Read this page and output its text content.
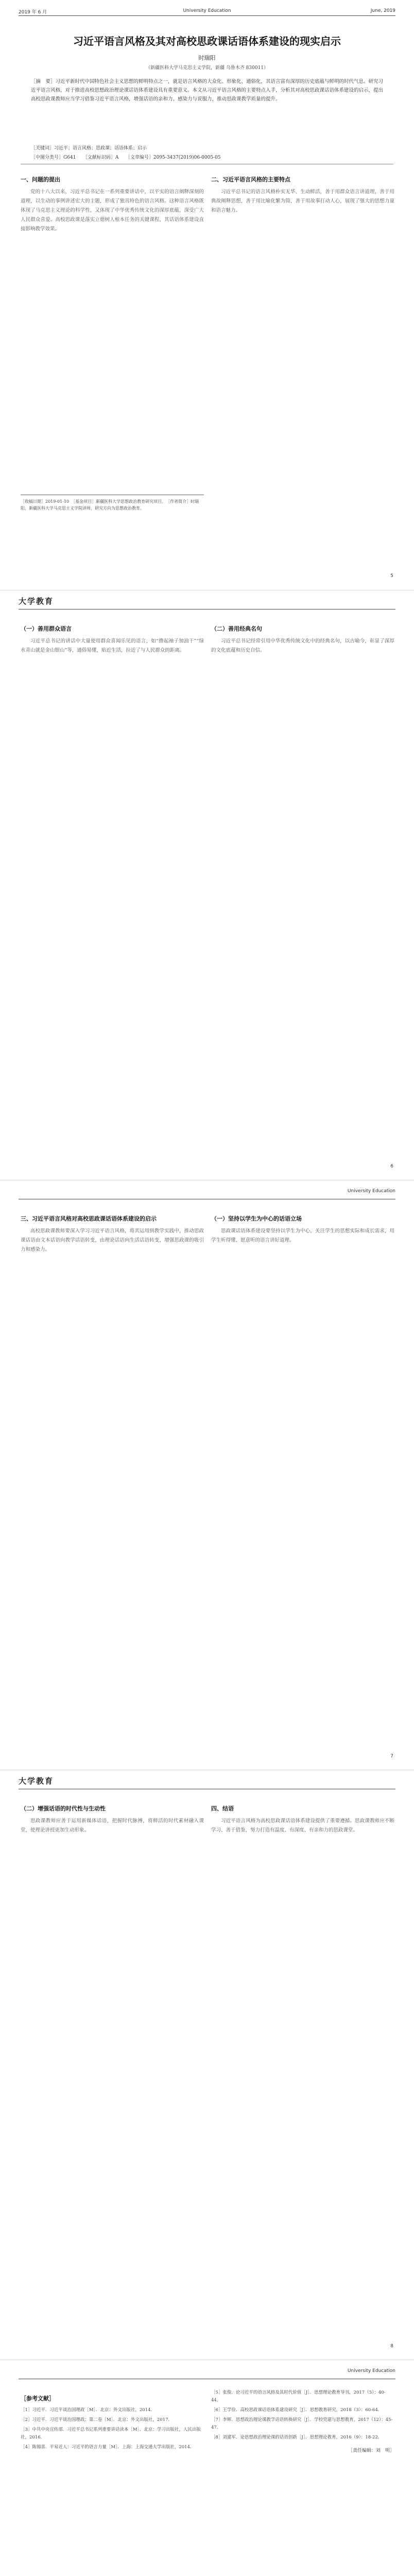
2019 年 6 月	University Education	June, 2019
习近平语言风格及其对高校思政课话语体系建设的现实启示
时瑞阳
（新疆医科大学马克思主义学院，新疆 乌鲁木齐 830011）
［摘　要］习近平新时代中国特色社会主义思想的鲜明特点之一，就是语言风格的大众化、形象化、通俗化，其语言富有深厚的历史底蕴与鲜明的时代气息。研究习近平语言风格，对于推进高校思想政治理论课话语体系建设具有重要意义。本文从习近平语言风格的主要特点入手，分析其对高校思政课话语体系建设的启示，提出高校思政课教师应当学习借鉴习近平语言风格，增强话语的亲和力、感染力与说服力，推动思政课教学质量的提升。
［关键词］习近平；语言风格；思政课；话语体系；启示
［中图分类号］G641　　［文献标识码］A　　［文章编号］2095-3437(2019)06-0005-05
一、问题的提出

党的十八大以来，习近平总书记在一系列重要讲话中，以平实的语言阐释深刻的道理，以生动的事例讲述宏大的主题，形成了独具特色的语言风格。这种语言风格既体现了马克思主义理论的科学性，又体现了中华优秀传统文化的深厚底蕴，深受广大人民群众喜爱。高校思政课是落实立德树人根本任务的关键课程，其话语体系建设直接影响教学效果。

二、习近平语言风格的主要特点

习近平总书记的语言风格朴实无华、生动鲜活，善于用群众语言讲道理，善于用典故阐释思想，善于用比喻化繁为简，善于用故事打动人心，展现了强大的思想力量和语言魅力。

［收稿日期］2019-01-10　［基金项目］新疆医科大学思想政治教育研究项目。　［作者简介］时瑞阳，新疆医科大学马克思主义学院讲师，研究方向为思想政治教育。
5
大学教育
（一）善用群众语言

习近平总书记的讲话中大量使用群众喜闻乐见的语言，如“撸起袖子加油干”“绿水青山就是金山银山”等，通俗易懂，贴近生活，拉近了与人民群众的距离。

（二）善用经典名句

习近平总书记经常引用中华优秀传统文化中的经典名句，以古喻今，彰显了深厚的文化底蕴和历史自信。

6
University Education
三、习近平语言风格对高校思政课话语体系建设的启示

高校思政课教师要深入学习习近平语言风格，将其运用到教学实践中，推动思政课话语由文本话语向教学话语转变，由理论话语向生活话语转变，增强思政课的吸引力和感染力。

（一）坚持以学生为中心的话语立场

思政课话语体系建设要坚持以学生为中心，关注学生的思想实际和成长需求，用学生听得懂、愿意听的语言讲好道理。

7
大学教育
（二）增强话语的时代性与生动性

思政课教师应善于运用新媒体话语，把握时代脉搏，将鲜活的时代素材融入课堂，使理论讲授更加生动形象。

四、结语

习近平语言风格为高校思政课话语体系建设提供了重要遵循。思政课教师应不断学习、善于借鉴，努力打造有温度、有深度、有亲和力的思政课堂。

8
University Education
［参考文献］
［1］习近平．习近平谈治国理政［M］．北京：外文出版社，2014．
［2］习近平．习近平谈治国理政：第二卷［M］．北京：外文出版社，2017．
［3］中共中央宣传部．习近平总书记系列重要讲话读本［M］．北京：学习出版社，人民出版社，2016．
［4］陈锡喜．平易近人：习近平的语言力量［M］．上海：上海交通大学出版社，2014．
［5］张俊．论习近平的语言风格及其时代价值［J］．思想理论教育导刊，2017（5）：40-44．
［6］王学俭．高校思政课话语体系建设研究［J］．思想教育研究，2018（3）：60-64．
［7］李辉．思想政治理论课教学话语转换研究［J］．学校党建与思想教育，2017（12）：45-47．
［8］刘建军．论思想政治理论课的话语创新［J］．思想理论教育，2016（9）：18-22．
［责任编辑：刘　明］
